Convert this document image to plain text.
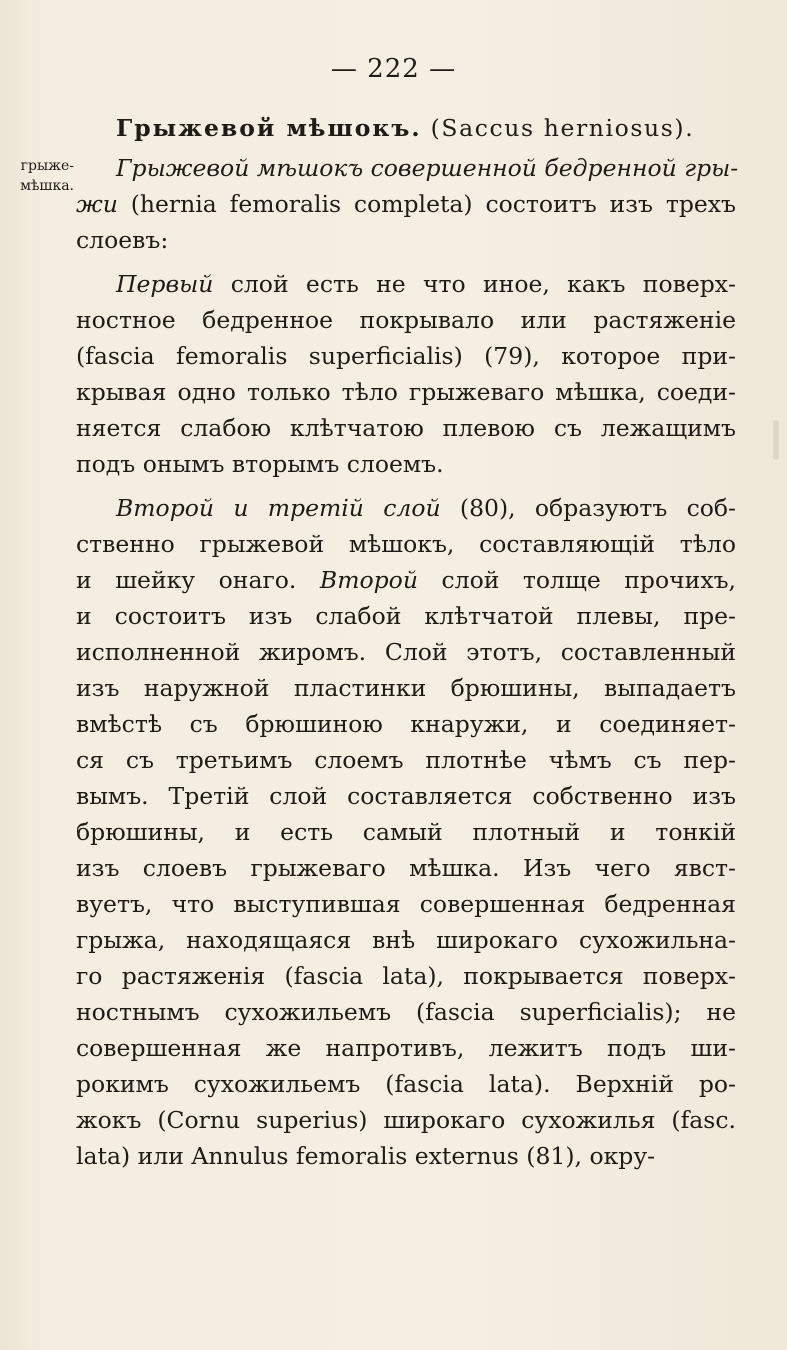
— 222 —
грыже-
мѣшка.
Грыжевой мѣшокъ. (Saccus herniosus).
Грыжевой мѣшокъ совершенной бедренной гры-
жи (hernia femoralis completa) состоитъ изъ трехъ
слоевъ:
Первый слой есть не что иное, какъ поверх-
ностное бедренное покрывало или растяженіе
(fascia femoralis superficialis) (79), которое при-
крывая одно только тѣло грыжеваго мѣшка, соеди-
няется слабою клѣтчатою плевою съ лежащимъ
подъ онымъ вторымъ слоемъ.
Второй и третій слой (80), образуютъ соб-
ственно грыжевой мѣшокъ, составляющій тѣло
и шейку онаго. Второй слой толще прочихъ,
и состоитъ изъ слабой клѣтчатой плевы, пре-
исполненной жиромъ. Слой этотъ, составленный
изъ наружной пластинки брюшины, выпадаетъ
вмѣстѣ съ брюшиною кнаружи, и соединяет-
ся съ третьимъ слоемъ плотнѣе чѣмъ съ пер-
вымъ. Третій слой составляется собственно изъ
брюшины, и есть самый плотный и тонкій
изъ слоевъ грыжеваго мѣшка. Изъ чего явст-
вуетъ, что выступившая совершенная бедренная
грыжа, находящаяся внѣ широкаго сухожильна-
го растяженія (fascia lata), покрывается поверх-
ностнымъ сухожильемъ (fascia superficialis); не
совершенная же напротивъ, лежитъ подъ ши-
рокимъ сухожильемъ (fascia lata). Верхній ро-
жокъ (Cornu superius) широкаго сухожилья (fasc.
lata) или Annulus femoralis externus (81), окру-
